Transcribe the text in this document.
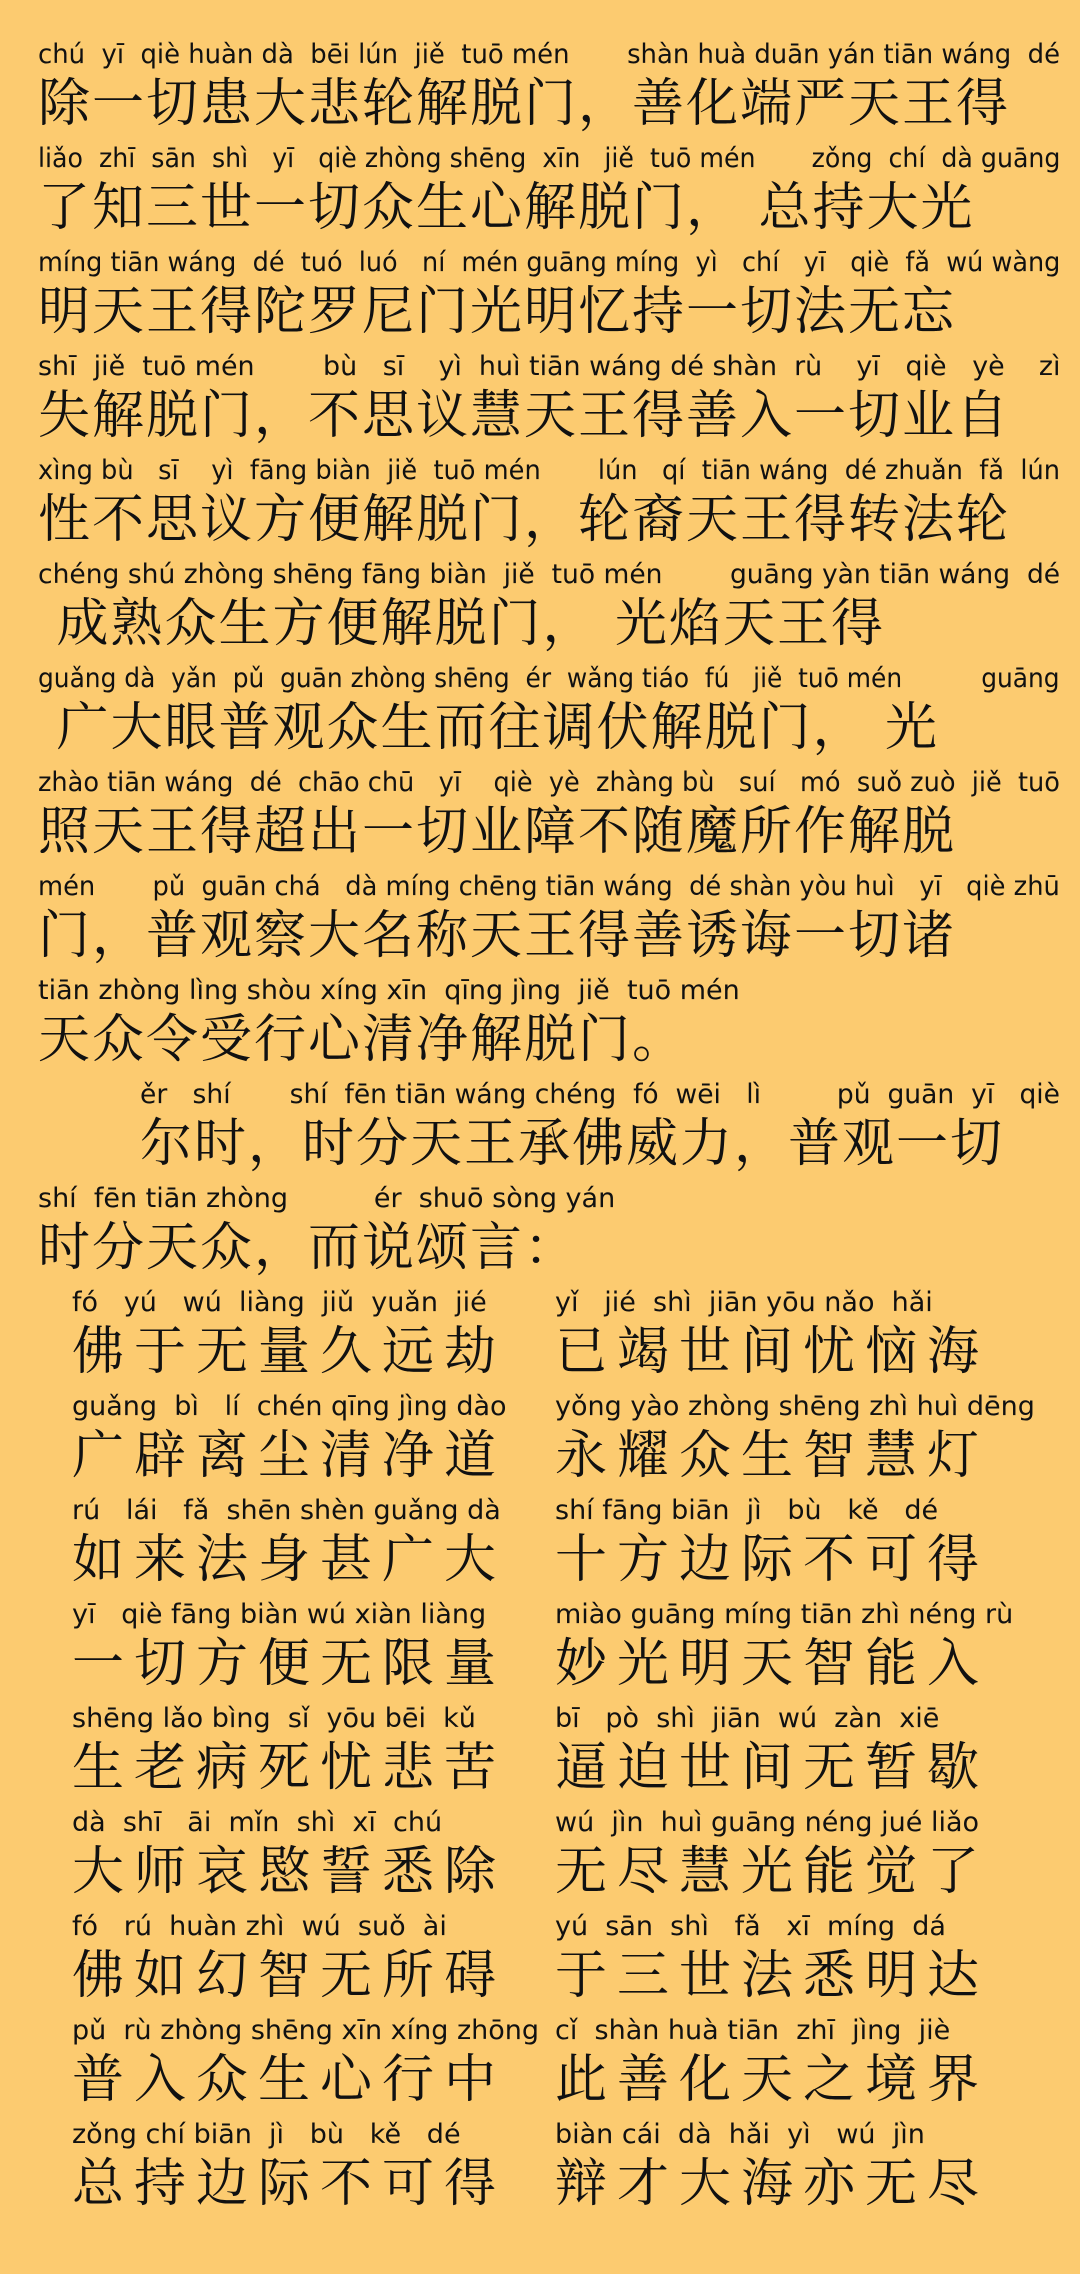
chú  yī  qiè huàn dà  bēi lún  jiě  tuō mén       shàn huà duān yán tiān wáng  dé
除一切患大悲轮解脱门，善化端严天王得
liǎo  zhī  sān  shì   yī   qiè zhòng shēng  xīn   jiě  tuō mén       zǒng  chí  dà guāng
了知三世一切众生心解脱门， 总持大光
míng tiān wáng  dé  tuó  luó   ní  mén guāng míng  yì   chí   yī   qiè  fǎ  wú wàng
明天王得陀罗尼门光明忆持一切法无忘
shī  jiě  tuō mén        bù   sī    yì  huì tiān wáng dé shàn  rù    yī   qiè   yè    zì
失解脱门，不思议慧天王得善入一切业自
xìng bù   sī    yì  fāng biàn  jiě  tuō mén       lún   qí  tiān wáng  dé zhuǎn  fǎ  lún
性不思议方便解脱门，轮裔天王得转法轮
chéng shú zhòng shēng fāng biàn  jiě  tuō mén        guāng yàn tiān wáng  dé
成熟众生方便解脱门， 光焰天王得
guǎng dà  yǎn  pǔ  guān zhòng shēng  ér  wǎng tiáo  fú   jiě  tuō mén          guāng
广大眼普观众生而往调伏解脱门， 光
zhào tiān wáng  dé  chāo chū   yī    qiè  yè  zhàng bù   suí   mó  suǒ zuò  jiě  tuō
照天王得超出一切业障不随魔所作解脱
mén       pǔ  guān chá   dà míng chēng tiān wáng  dé shàn yòu huì   yī   qiè zhū
门，普观察大名称天王得善诱诲一切诸
tiān zhòng lìng shòu xíng xīn  qīng jìng  jiě  tuō mén
天众令受行心清净解脱门。
ěr   shí       shí  fēn tiān wáng chéng  fó  wēi   lì         pǔ  guān  yī   qiè
尔时，时分天王承佛威力，普观一切
shí  fēn tiān zhòng          ér  shuō sòng yán
时分天众，而说颂言：
fó   yú   wú  liàng  jiǔ  yuǎn  jié
佛于无量久远劫
yǐ   jié  shì  jiān yōu nǎo  hǎi
已竭世间忧恼海
guǎng  bì   lí  chén qīng jìng dào
广辟离尘清净道
yǒng yào zhòng shēng zhì huì dēng
永耀众生智慧灯
rú   lái   fǎ  shēn shèn guǎng dà
如来法身甚广大
shí fāng biān  jì   bù   kě   dé
十方边际不可得
yī   qiè fāng biàn wú xiàn liàng
一切方便无限量
miào guāng míng tiān zhì néng rù
妙光明天智能入
shēng lǎo bìng  sǐ  yōu bēi  kǔ
生老病死忧悲苦
bī   pò  shì  jiān  wú  zàn  xiē
逼迫世间无暂歇
dà  shī   āi  mǐn  shì  xī  chú
大师哀愍誓悉除
wú  jìn  huì guāng néng jué liǎo
无尽慧光能觉了
fó   rú  huàn zhì  wú  suǒ  ài
佛如幻智无所碍
yú  sān  shì   fǎ   xī  míng  dá
于三世法悉明达
pǔ  rù zhòng shēng xīn xíng zhōng
普入众生心行中
cǐ  shàn huà tiān  zhī  jìng  jiè
此善化天之境界
zǒng chí biān  jì   bù   kě   dé
总持边际不可得
biàn cái  dà  hǎi  yì   wú  jìn
辩才大海亦无尽
